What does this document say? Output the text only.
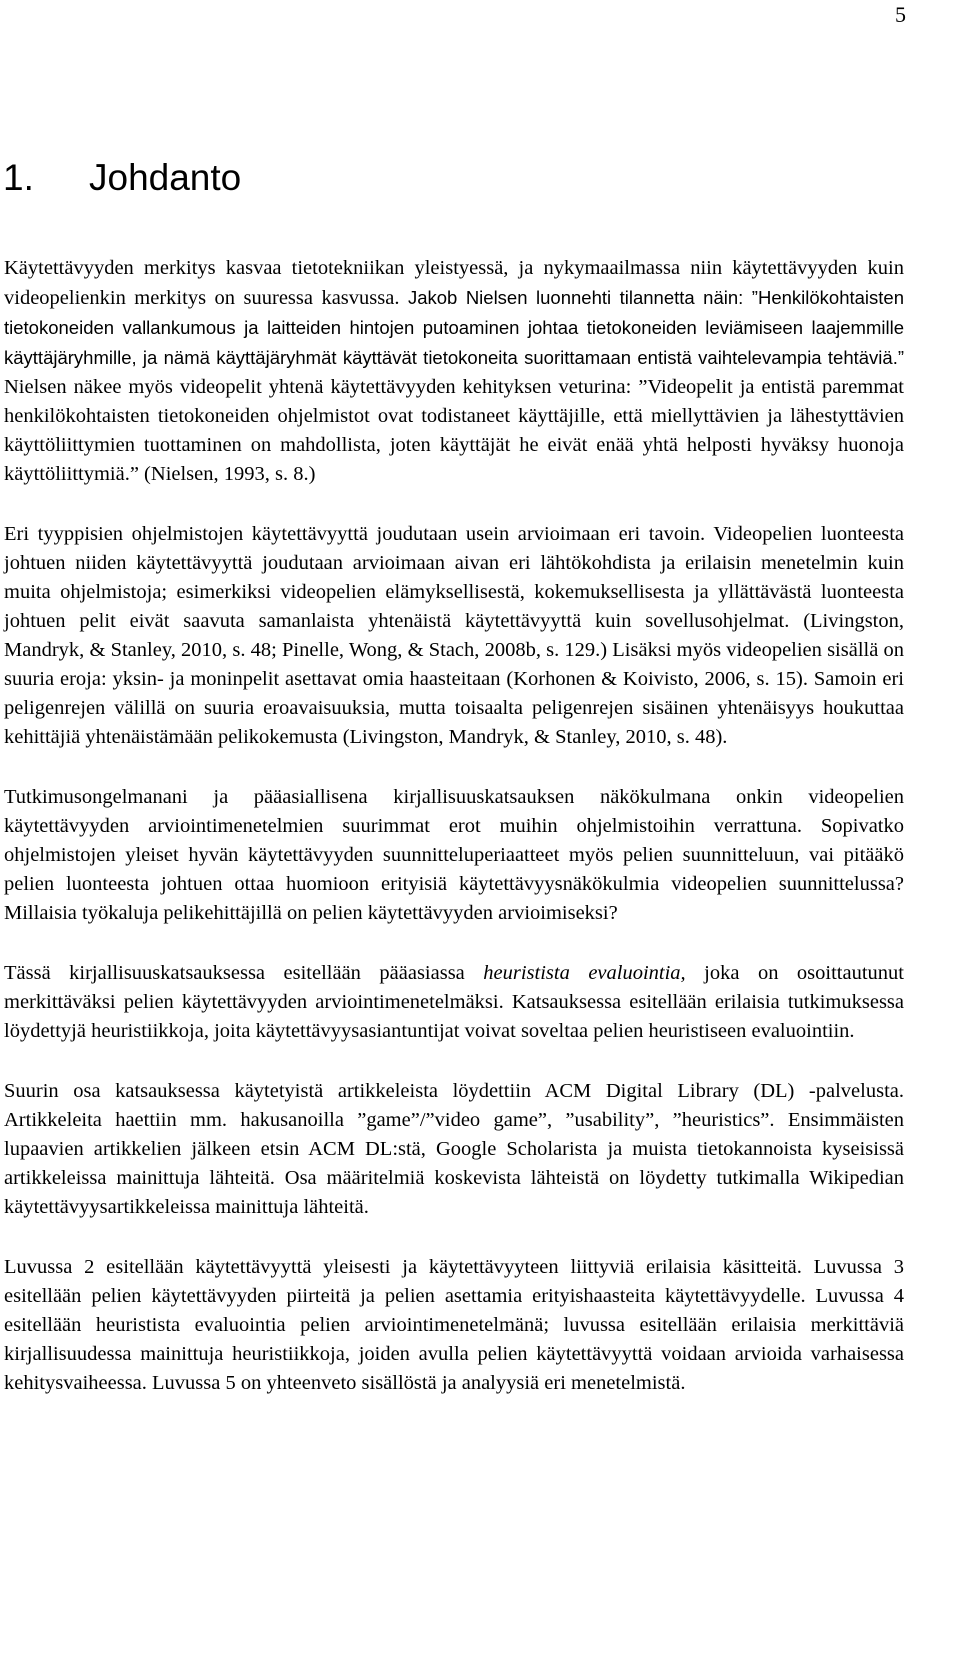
5
1. Johdanto

Käytettävyyden merkitys kasvaa tietotekniikan yleistyessä, ja nykymaailmassa niin käytettävyyden kuin videopelienkin merkitys on suuressa kasvussa. Jakob Nielsen luonnehti tilannetta näin: ”Henkilökohtaisten tietokoneiden vallankumous ja laitteiden hintojen putoaminen johtaa tietokoneiden leviämiseen laajemmille käyttäjäryhmille, ja nämä käyttäjäryhmät käyttävät tietokoneita suorittamaan entistä vaihtelevampia tehtäviä.” Nielsen näkee myös videopelit yhtenä käytettävyyden kehityksen veturina: ”Videopelit ja entistä paremmat henkilökohtaisten tietokoneiden ohjelmistot ovat todistaneet käyttäjille, että miellyttävien ja lähestyttävien käyttöliittymien tuottaminen on mahdollista, joten käyttäjät he eivät enää yhtä helposti hyväksy huonoja käyttöliittymiä.” (Nielsen, 1993, s. 8.)

Eri tyyppisien ohjelmistojen käytettävyyttä joudutaan usein arvioimaan eri tavoin. Videopelien luonteesta johtuen niiden käytettävyyttä joudutaan arvioimaan aivan eri lähtökohdista ja erilaisin menetelmin kuin muita ohjelmistoja; esimerkiksi videopelien elämyksellisestä, kokemuksellisesta ja yllättävästä luonteesta johtuen pelit eivät saavuta samanlaista yhtenäistä käytettävyyttä kuin sovellusohjelmat. (Livingston, Mandryk, & Stanley, 2010, s. 48; Pinelle, Wong, & Stach, 2008b, s. 129.) Lisäksi myös videopelien sisällä on suuria eroja: yksin- ja moninpelit asettavat omia haasteitaan (Korhonen & Koivisto, 2006, s. 15). Samoin eri peligenrejen välillä on suuria eroavaisuuksia, mutta toisaalta peligenrejen sisäinen yhtenäisyys houkuttaa kehittäjiä yhtenäistämään pelikokemusta (Livingston, Mandryk, & Stanley, 2010, s. 48).

Tutkimusongelmanani ja pääasiallisena kirjallisuuskatsauksen näkökulmana onkin videopelien käytettävyyden arviointimenetelmien suurimmat erot muihin ohjelmistoihin verrattuna. Sopivatko ohjelmistojen yleiset hyvän käytettävyyden suunnitteluperiaatteet myös pelien suunnitteluun, vai pitääkö pelien luonteesta johtuen ottaa huomioon erityisiä käytettävyysnäkökulmia videopelien suunnittelussa? Millaisia työkaluja pelikehittäjillä on pelien käytettävyyden arvioimiseksi?

Tässä kirjallisuuskatsauksessa esitellään pääasiassa heuristista evaluointia, joka on osoittautunut merkittäväksi pelien käytettävyyden arviointimenetelmäksi. Katsauksessa esitellään erilaisia tutkimuksessa löydettyjä heuristiikkoja, joita käytettävyysasiantuntijat voivat soveltaa pelien heuristiseen evaluointiin.

Suurin osa katsauksessa käytetyistä artikkeleista löydettiin ACM Digital Library (DL) -palvelusta. Artikkeleita haettiin mm. hakusanoilla ”game”/”video game”, ”usability”, ”heuristics”. Ensimmäisten lupaavien artikkelien jälkeen etsin ACM DL:stä, Google Scholarista ja muista tietokannoista kyseisissä artikkeleissa mainittuja lähteitä. Osa määritelmiä koskevista lähteistä on löydetty tutkimalla Wikipedian käytettävyysartikkeleissa mainittuja lähteitä.

Luvussa 2 esitellään käytettävyyttä yleisesti ja käytettävyyteen liittyviä erilaisia käsitteitä. Luvussa 3 esitellään pelien käytettävyyden piirteitä ja pelien asettamia erityishaasteita käytettävyydelle. Luvussa 4 esitellään heuristista evaluointia pelien arviointimenetelmänä; luvussa esitellään erilaisia merkittäviä kirjallisuudessa mainittuja heuristiikkoja, joiden avulla pelien käytettävyyttä voidaan arvioida varhaisessa kehitysvaiheessa. Luvussa 5 on yhteenveto sisällöstä ja analyysiä eri menetelmistä.
